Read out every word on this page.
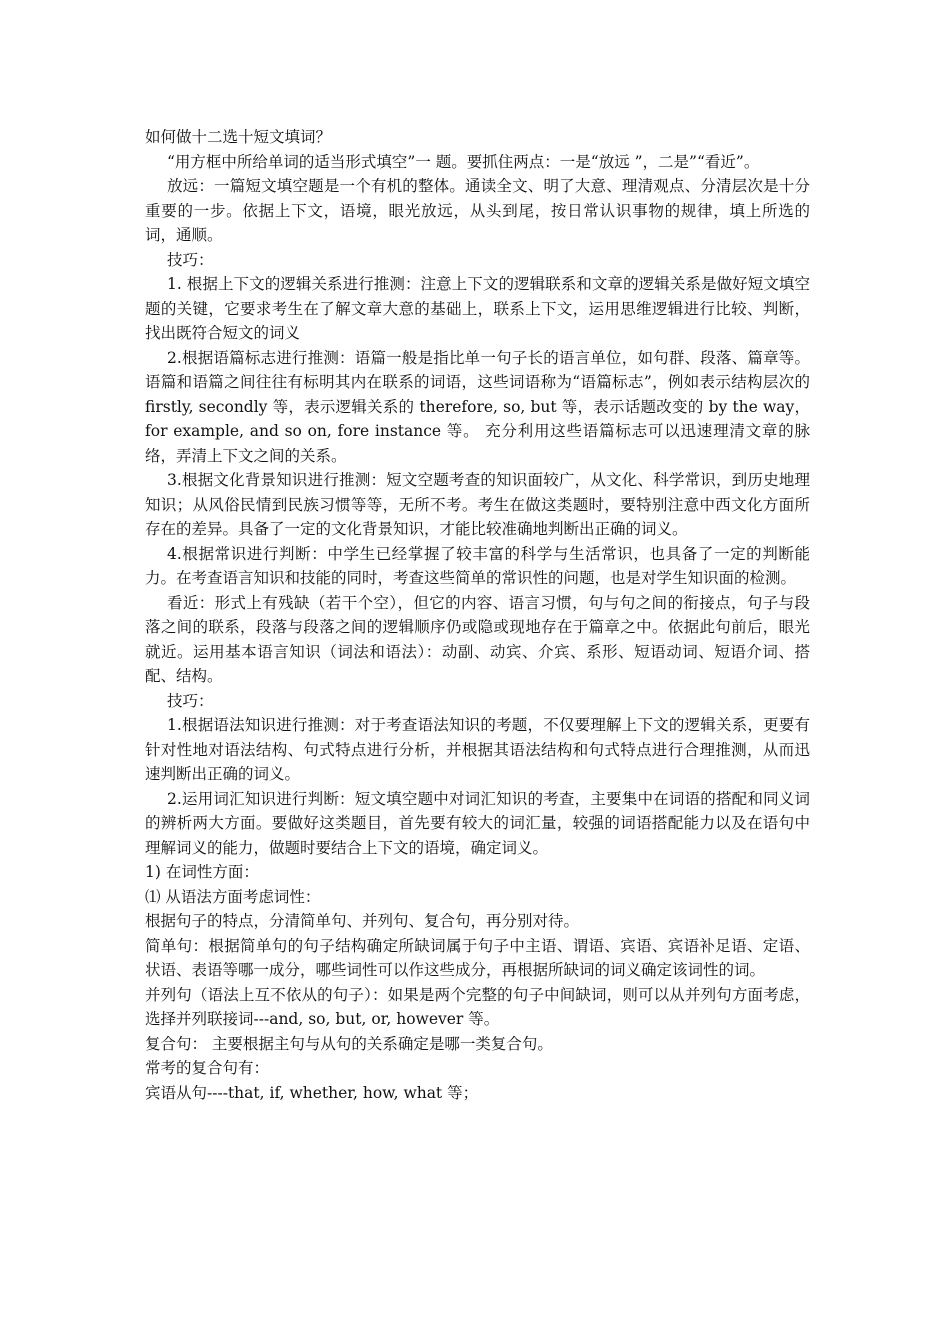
如何做十二选十短文填词？

“用方框中所给单词的适当形式填空”一 题。要抓住两点：一是“放远 ”，二是”“看近”。

放远：一篇短文填空题是一个有机的整体。通读全文、明了大意、理清观点、分清层次是十分重要的一步。依据上下文，语境，眼光放远，从头到尾，按日常认识事物的规律，填上所选的词，通顺。

技巧：

1. 根据上下文的逻辑关系进行推测：注意上下文的逻辑联系和文章的逻辑关系是做好短文填空题的关键，它要求考生在了解文章大意的基础上，联系上下文，运用思维逻辑进行比较、判断，找出既符合短文的词义

2.根据语篇标志进行推测：语篇一般是指比单一句子长的语言单位，如句群、段落、篇章等。语篇和语篇之间往往有标明其内在联系的词语，这些词语称为“语篇标志”，例如表示结构层次的 firstly, secondly 等，表示逻辑关系的 therefore, so, but 等，表示话题改变的 by the way，for example, and so on, fore instance 等。 充分利用这些语篇标志可以迅速理清文章的脉络，弄清上下文之间的关系。

3.根据文化背景知识进行推测：短文空题考查的知识面较广，从文化、科学常识，到历史地理知识；从风俗民情到民族习惯等等，无所不考。考生在做这类题时，要特别注意中西文化方面所存在的差异。具备了一定的文化背景知识，才能比较准确地判断出正确的词义。

4.根据常识进行判断：中学生已经掌握了较丰富的科学与生活常识，也具备了一定的判断能力。在考查语言知识和技能的同时，考查这些简单的常识性的问题，也是对学生知识面的检测。

看近：形式上有残缺（若干个空），但它的内容、语言习惯，句与句之间的衔接点，句子与段落之间的联系，段落与段落之间的逻辑顺序仍或隐或现地存在于篇章之中。依据此句前后，眼光就近。运用基本语言知识（词法和语法）：动副、动宾、介宾、系形、短语动词、短语介词、搭配、结构。

技巧：

1.根据语法知识进行推测：对于考查语法知识的考题，不仅要理解上下文的逻辑关系，更要有针对性地对语法结构、句式特点进行分析，并根据其语法结构和句式特点进行合理推测，从而迅速判断出正确的词义。

2.运用词汇知识进行判断：短文填空题中对词汇知识的考查，主要集中在词语的搭配和同义词的辨析两大方面。要做好这类题目，首先要有较大的词汇量，较强的词语搭配能力以及在语句中理解词义的能力，做题时要结合上下文的语境，确定词义。

1) 在词性方面：

⑴ 从语法方面考虑词性：

根据句子的特点，分清简单句、并列句、复合句，再分别对待。

简单句：根据简单句的句子结构确定所缺词属于句子中主语、谓语、宾语、宾语补足语、定语、状语、表语等哪一成分，哪些词性可以作这些成分，再根据所缺词的词义确定该词性的词。

并列句（语法上互不依从的句子）：如果是两个完整的句子中间缺词，则可以从并列句方面考虑，选择并列联接词---and, so, but, or, however 等。

复合句： 主要根据主句与从句的关系确定是哪一类复合句。

常考的复合句有：

宾语从句----that, if, whether, how, what 等；
